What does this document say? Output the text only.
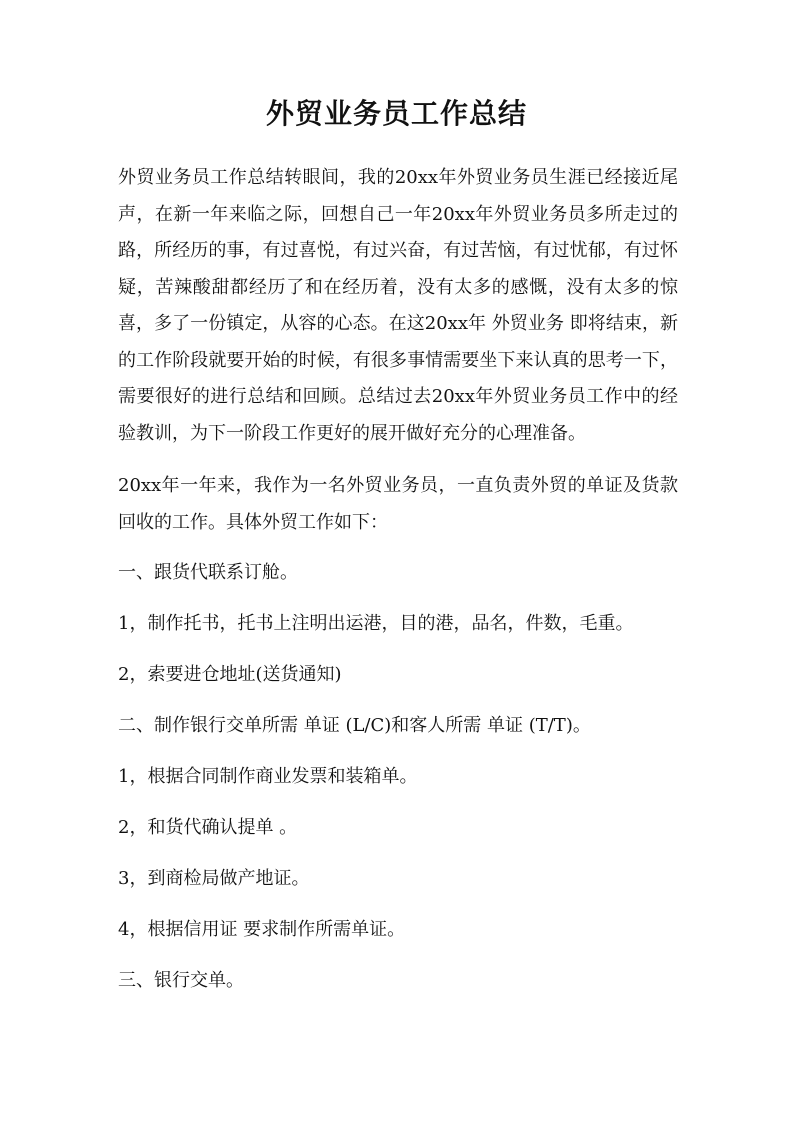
外贸业务员工作总结

外贸业务员工作总结转眼间，我的20xx年外贸业务员生涯已经接近尾声，在新一年来临之际，回想自己一年20xx年外贸业务员多所走过的路，所经历的事，有过喜悦，有过兴奋，有过苦恼，有过忧郁，有过怀疑，苦辣酸甜都经历了和在经历着，没有太多的感慨，没有太多的惊喜，多了一份镇定，从容的心态。在这20xx年 外贸业务 即将结束，新的工作阶段就要开始的时候，有很多事情需要坐下来认真的思考一下，需要很好的进行总结和回顾。总结过去20xx年外贸业务员工作中的经验教训，为下一阶段工作更好的展开做好充分的心理准备。

20xx年一年来，我作为一名外贸业务员，一直负责外贸的单证及货款回收的工作。具体外贸工作如下：

一、跟货代联系订舱。

1，制作托书，托书上注明出运港，目的港，品名，件数，毛重。

2，索要进仓地址(送货通知)

二、制作银行交单所需 单证 (L/C)和客人所需 单证 (T/T)。

1，根据合同制作商业发票和装箱单。

2，和货代确认提单 。

3，到商检局做产地证。

4，根据信用证 要求制作所需单证。

三、银行交单。
